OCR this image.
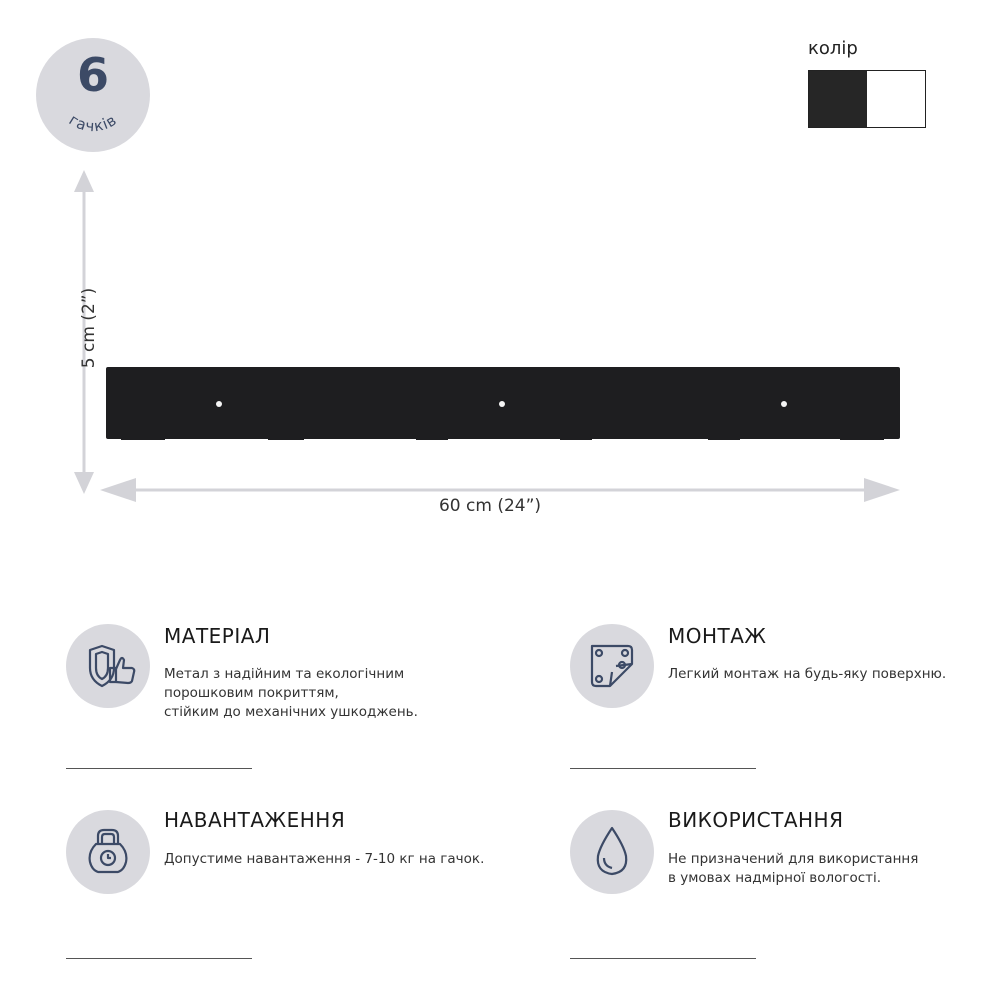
6
гачків
колір
5 cm (2”)
60 cm (24”)
МАТЕРІАЛ
Метал з надійним та екологічним
порошковим покриттям,
стійким до механічних ушкоджень.
МОНТАЖ
Легкий монтаж на будь-яку поверхню.
НАВАНТАЖЕННЯ
Допустиме навантаження - 7-10 кг на гачок.
ВИКОРИСТАННЯ
Не призначений для використання
в умовах надмірної вологості.
